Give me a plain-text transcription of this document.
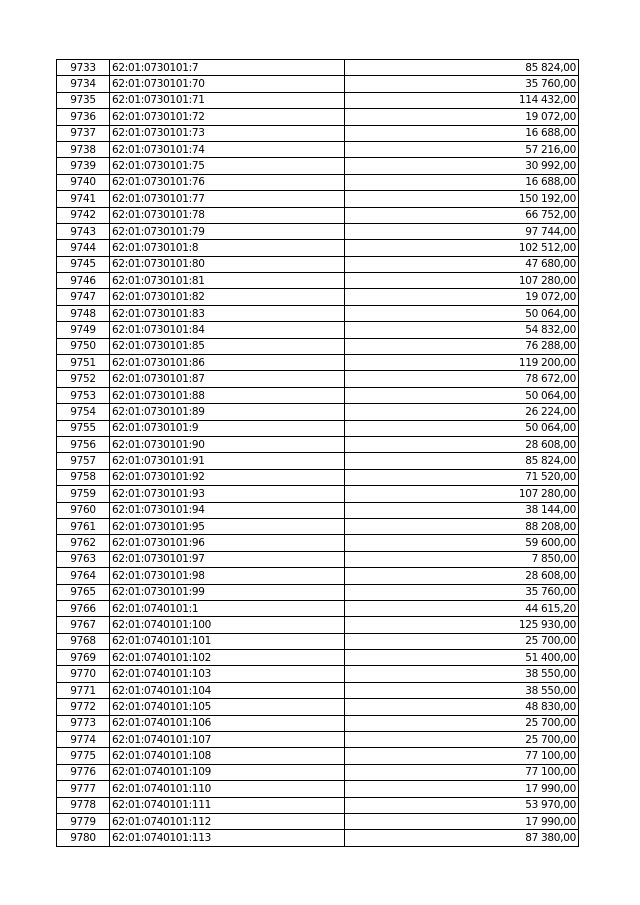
9733	62:01:0730101:7	85 824,00
9734	62:01:0730101:70	35 760,00
9735	62:01:0730101:71	114 432,00
9736	62:01:0730101:72	19 072,00
9737	62:01:0730101:73	16 688,00
9738	62:01:0730101:74	57 216,00
9739	62:01:0730101:75	30 992,00
9740	62:01:0730101:76	16 688,00
9741	62:01:0730101:77	150 192,00
9742	62:01:0730101:78	66 752,00
9743	62:01:0730101:79	97 744,00
9744	62:01:0730101:8	102 512,00
9745	62:01:0730101:80	47 680,00
9746	62:01:0730101:81	107 280,00
9747	62:01:0730101:82	19 072,00
9748	62:01:0730101:83	50 064,00
9749	62:01:0730101:84	54 832,00
9750	62:01:0730101:85	76 288,00
9751	62:01:0730101:86	119 200,00
9752	62:01:0730101:87	78 672,00
9753	62:01:0730101:88	50 064,00
9754	62:01:0730101:89	26 224,00
9755	62:01:0730101:9	50 064,00
9756	62:01:0730101:90	28 608,00
9757	62:01:0730101:91	85 824,00
9758	62:01:0730101:92	71 520,00
9759	62:01:0730101:93	107 280,00
9760	62:01:0730101:94	38 144,00
9761	62:01:0730101:95	88 208,00
9762	62:01:0730101:96	59 600,00
9763	62:01:0730101:97	7 850,00
9764	62:01:0730101:98	28 608,00
9765	62:01:0730101:99	35 760,00
9766	62:01:0740101:1	44 615,20
9767	62:01:0740101:100	125 930,00
9768	62:01:0740101:101	25 700,00
9769	62:01:0740101:102	51 400,00
9770	62:01:0740101:103	38 550,00
9771	62:01:0740101:104	38 550,00
9772	62:01:0740101:105	48 830,00
9773	62:01:0740101:106	25 700,00
9774	62:01:0740101:107	25 700,00
9775	62:01:0740101:108	77 100,00
9776	62:01:0740101:109	77 100,00
9777	62:01:0740101:110	17 990,00
9778	62:01:0740101:111	53 970,00
9779	62:01:0740101:112	17 990,00
9780	62:01:0740101:113	87 380,00
